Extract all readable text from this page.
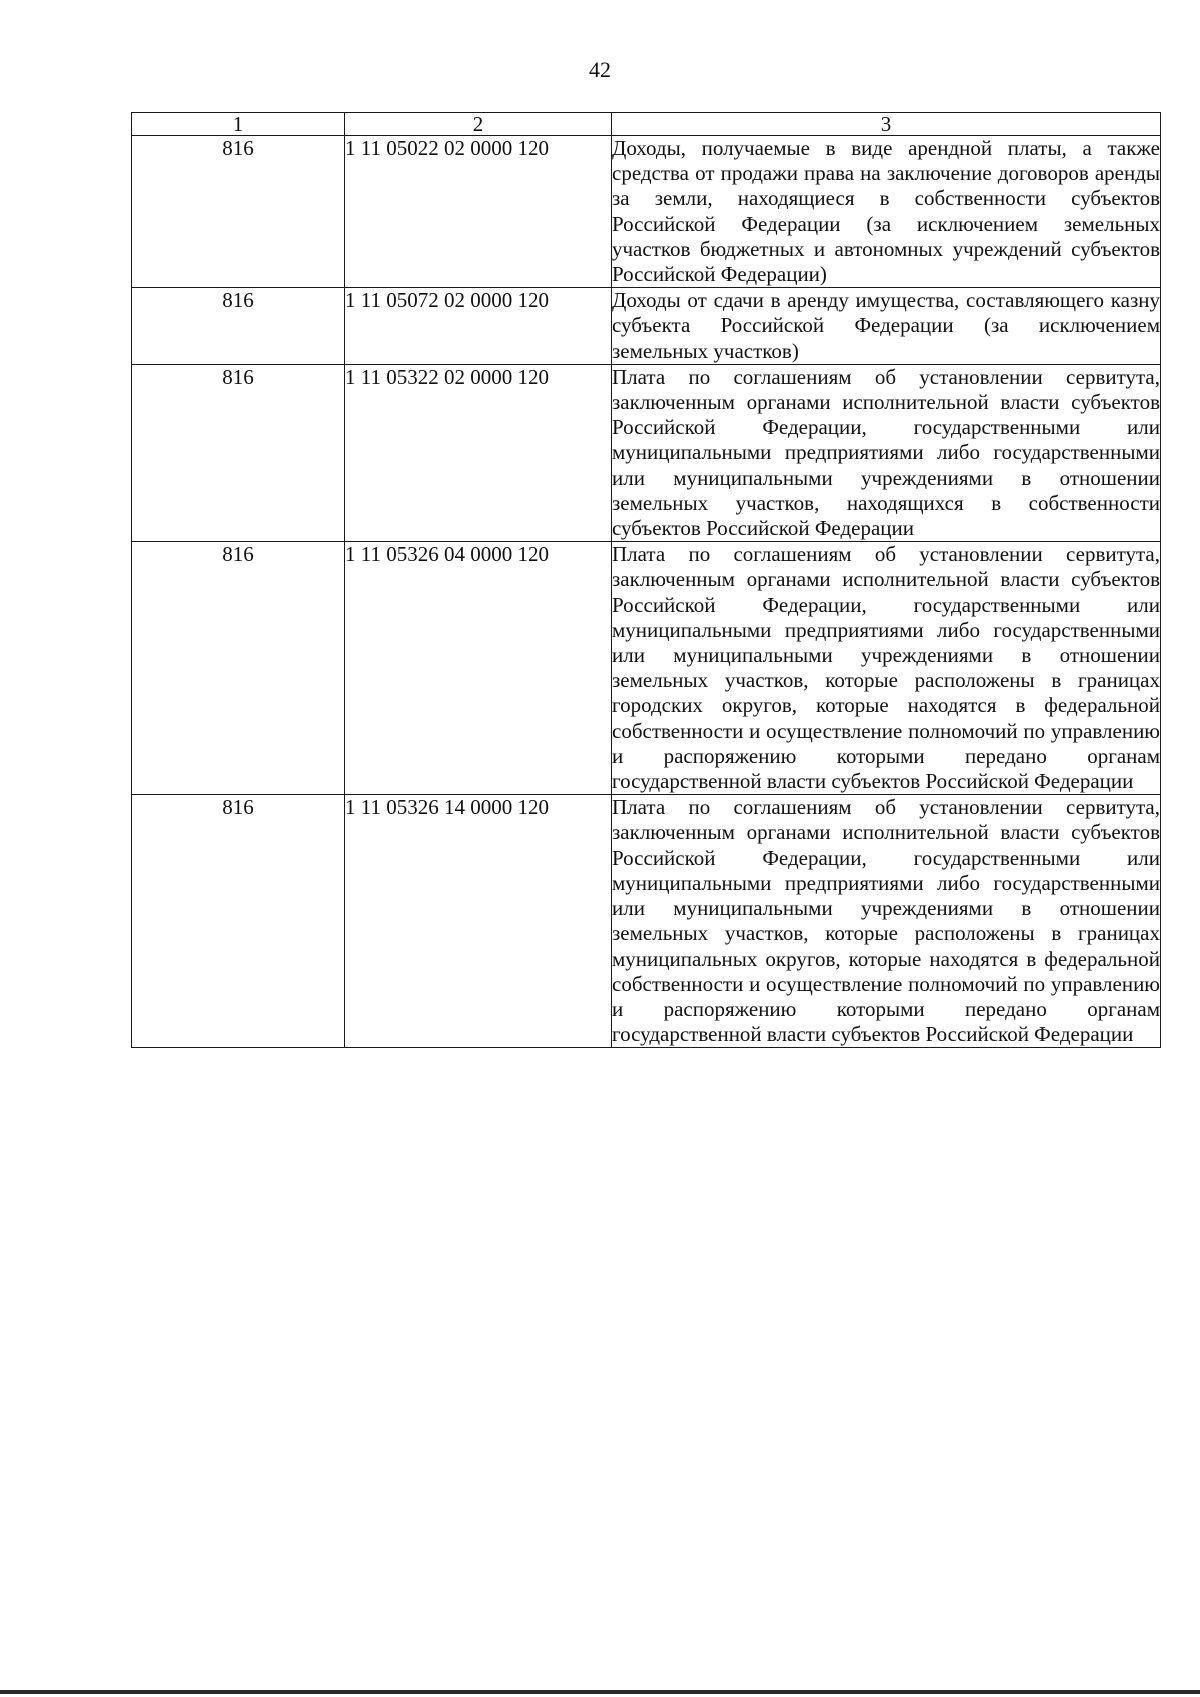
42
1	2	3
816	1 11 05022 02 0000 120	Доходы, получаемые в виде арендной платы, а также средства от продажи права на заключение договоров аренды за земли, находящиеся в собственности субъектов Российской Федерации (за исключением земельных участков бюджетных и автономных учреждений субъектов Российской Федерации)
816	1 11 05072 02 0000 120	Доходы от сдачи в аренду имущества, составляющего казну субъекта Российской Федерации (за исключением земельных участков)
816	1 11 05322 02 0000 120	Плата по соглашениям об установлении сервитута, заключенным органами исполнительной власти субъектов Российской Федерации, государственными или муниципальными предприятиями либо государственными или муниципальными учреждениями в отношении земельных участков, находящихся в собственности субъектов Российской Федерации
816	1 11 05326 04 0000 120	Плата по соглашениям об установлении сервитута, заключенным органами исполнительной власти субъектов Российской Федерации, государственными или муниципальными предприятиями либо государственными или муниципальными учреждениями в отношении земельных участков, которые расположены в границах городских округов, которые находятся в федеральной собственности и осуществление полномочий по управлению и распоряжению которыми передано органам государственной власти субъектов Российской Федерации
816	1 11 05326 14 0000 120	Плата по соглашениям об установлении сервитута, заключенным органами исполнительной власти субъектов Российской Федерации, государственными или муниципальными предприятиями либо государственными или муниципальными учреждениями в отношении земельных участков, которые расположены в границах муниципальных округов, которые находятся в федеральной собственности и осуществление полномочий по управлению и распоряжению которыми передано органам государственной власти субъектов Российской Федерации
